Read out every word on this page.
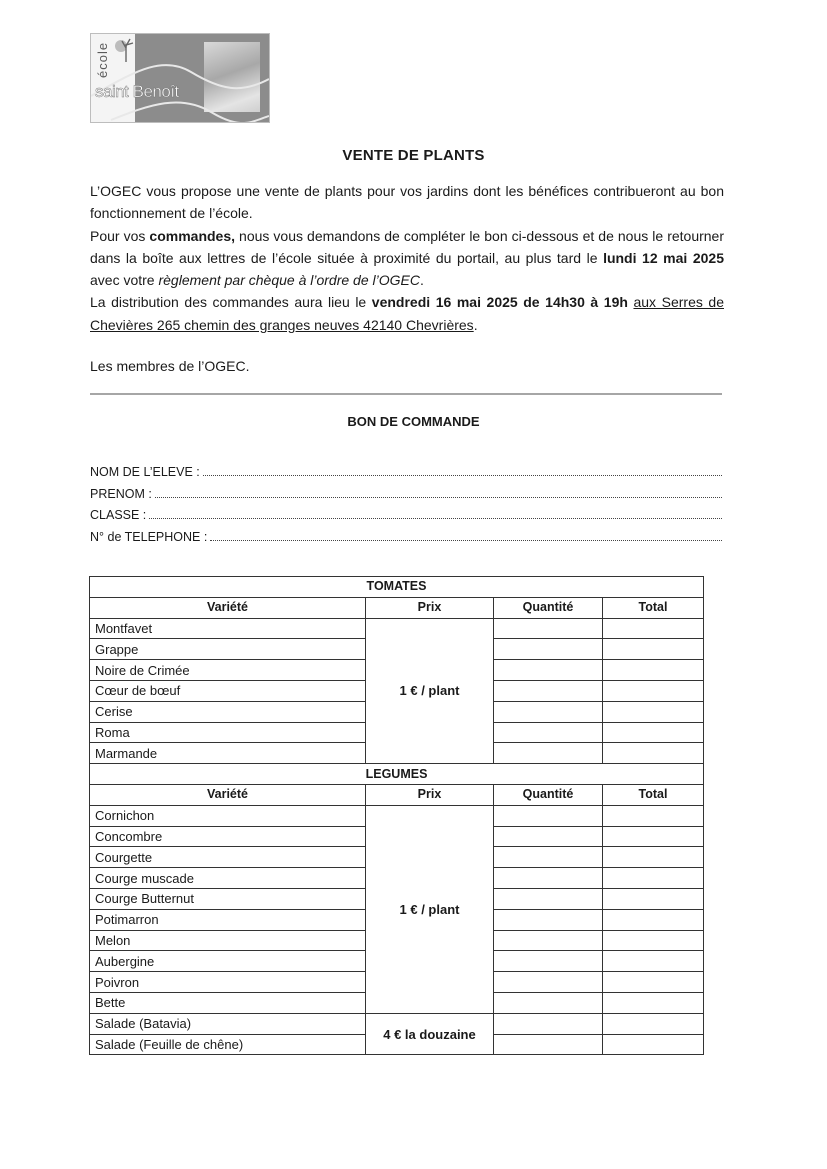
école
saint Benoît
VENTE DE PLANTS

L’OGEC vous propose une vente de plants pour vos jardins dont les bénéfices contribueront au bon fonctionnement de l’école.

Pour vos commandes, nous vous demandons de compléter le bon ci-dessous et de nous le retourner dans la boîte aux lettres de l’école située à proximité du portail, au plus tard le lundi 12 mai 2025 avec votre règlement par chèque à l’ordre de l’OGEC.

La distribution des commandes aura lieu le vendredi 16 mai 2025 de 14h30 à 19h aux Serres de Chevières 265 chemin des granges neuves 42140 Chevrières.

Les membres de l’OGEC.
BON DE COMMANDE
NOM DE L’ELEVE :
PRENOM :
CLASSE :
N° de TELEPHONE :
TOMATES			
Variété	Prix	Quantité	Total
Montfavet	1 € / plant		
Grappe			
Noire de Crimée			
Cœur de bœuf			
Cerise			
Roma			
Marmande			
LEGUMES			
Variété	Prix	Quantité	Total
Cornichon	1 € / plant		
Concombre			
Courgette			
Courge muscade			
Courge Butternut			
Potimarron			
Melon			
Aubergine			
Poivron			
Bette			
Salade (Batavia)	4 € la douzaine		
Salade (Feuille de chêne)			
